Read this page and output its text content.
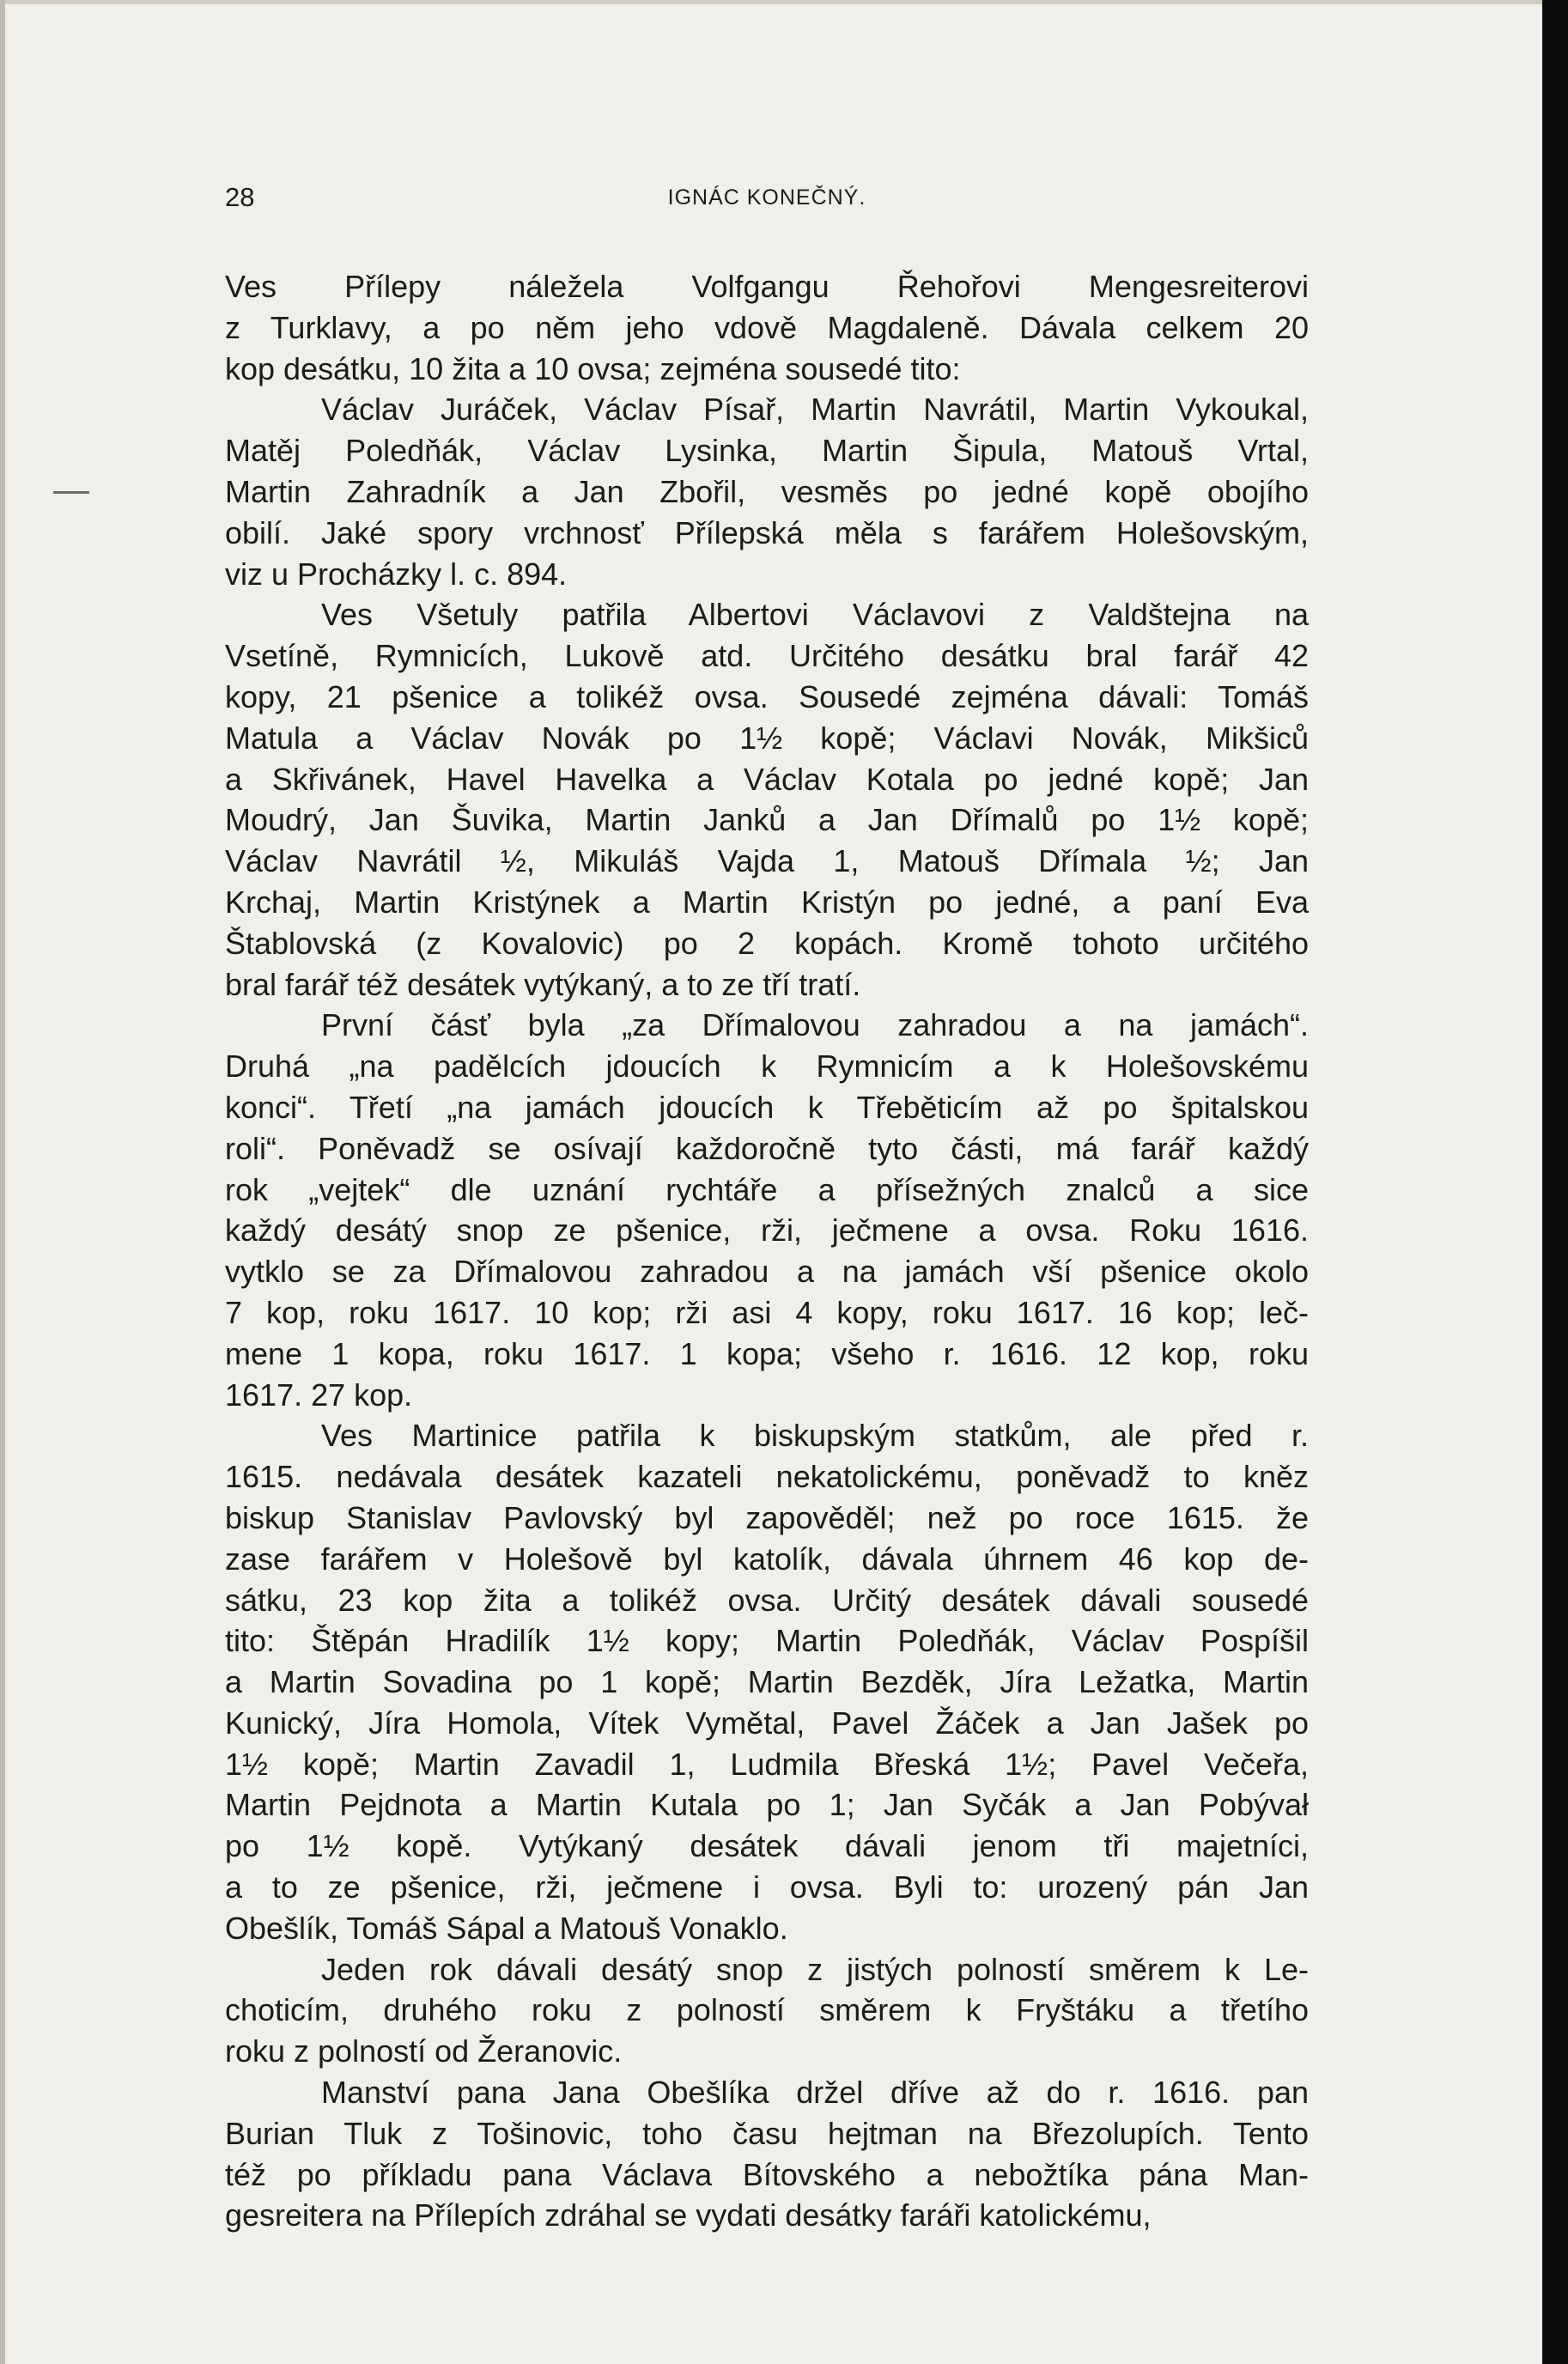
28	IGNÁC KONEČNÝ.
Ves Přílepy náležela Volfgangu Řehořovi Mengesreiterovi
z Turklavy, a po něm jeho vdově Magdaleně. Dávala celkem 20
kop desátku, 10 žita a 10 ovsa; zejména sousedé tito:
Václav Juráček, Václav Písař, Martin Navrátil, Martin Vykoukal,
Matěj Poledňák, Václav Lysinka, Martin Šipula, Matouš Vrtal,
Martin Zahradník a Jan Zbořil, vesměs po jedné kopě obojího
obilí. Jaké spory vrchnosť Přílepská měla s farářem Holešovským,
viz u Procházky l. c. 894.
Ves Všetuly patřila Albertovi Václavovi z Valdštejna na
Vsetíně, Rymnicích, Lukově atd. Určitého desátku bral farář 42
kopy, 21 pšenice a tolikéž ovsa. Sousedé zejména dávali: Tomáš
Matula a Václav Novák po 1½ kopě; Václavi Novák, Mikšiců
a Skřivánek, Havel Havelka a Václav Kotala po jedné kopě; Jan
Moudrý, Jan Šuvika, Martin Janků a Jan Dřímalů po 1½ kopě;
Václav Navrátil ½, Mikuláš Vajda 1, Matouš Dřímala ½; Jan
Krchaj, Martin Kristýnek a Martin Kristýn po jedné, a paní Eva
Štablovská (z Kovalovic) po 2 kopách. Kromě tohoto určitého
bral farář též desátek vytýkaný, a to ze tří tratí.
První čásť byla „za Dřímalovou zahradou a na jamách“.
Druhá „na padělcích jdoucích k Rymnicím a k Holešovskému
konci“. Třetí „na jamách jdoucích k Třeběticím až po špitalskou
roli“. Poněvadž se osívají každoročně tyto části, má farář každý
rok „vejtek“ dle uznání rychtáře a přísežných znalců a sice
každý desátý snop ze pšenice, rži, ječmene a ovsa. Roku 1616.
vytklo se za Dřímalovou zahradou a na jamách vší pšenice okolo
7 kop, roku 1617. 10 kop; rži asi 4 kopy, roku 1617. 16 kop; leč-
mene 1 kopa, roku 1617. 1 kopa; všeho r. 1616. 12 kop, roku
1617. 27 kop.
Ves Martinice patřila k biskupským statkům, ale před r.
1615. nedávala desátek kazateli nekatolickému, poněvadž to kněz
biskup Stanislav Pavlovský byl zapověděl; než po roce 1615. že
zase farářem v Holešově byl katolík, dávala úhrnem 46 kop de-
sátku, 23 kop žita a tolikéž ovsa. Určitý desátek dávali sousedé
tito: Štěpán Hradilík 1½ kopy; Martin Poledňák, Václav Pospíšil
a Martin Sovadina po 1 kopě; Martin Bezděk, Jíra Ležatka, Martin
Kunický, Jíra Homola, Vítek Vymětal, Pavel Žáček a Jan Jašek po
1½ kopě; Martin Zavadil 1, Ludmila Břeská 1½; Pavel Večeřa,
Martin Pejdnota a Martin Kutala po 1; Jan Syčák a Jan Pobývał
po 1½ kopě. Vytýkaný desátek dávali jenom tři majetníci,
a to ze pšenice, rži, ječmene i ovsa. Byli to: urozený pán Jan
Obešlík, Tomáš Sápal a Matouš Vonaklo.
Jeden rok dávali desátý snop z jistých polností směrem k Le-
choticím, druhého roku z polností směrem k Fryštáku a třetího
roku z polností od Žeranovic.
Manství pana Jana Obešlíka držel dříve až do r. 1616. pan
Burian Tluk z Tošinovic, toho času hejtman na Březolupích. Tento
též po příkladu pana Václava Bítovského a nebožtíka pána Man-
gesreitera na Přílepích zdráhal se vydati desátky faráři katolickému,
